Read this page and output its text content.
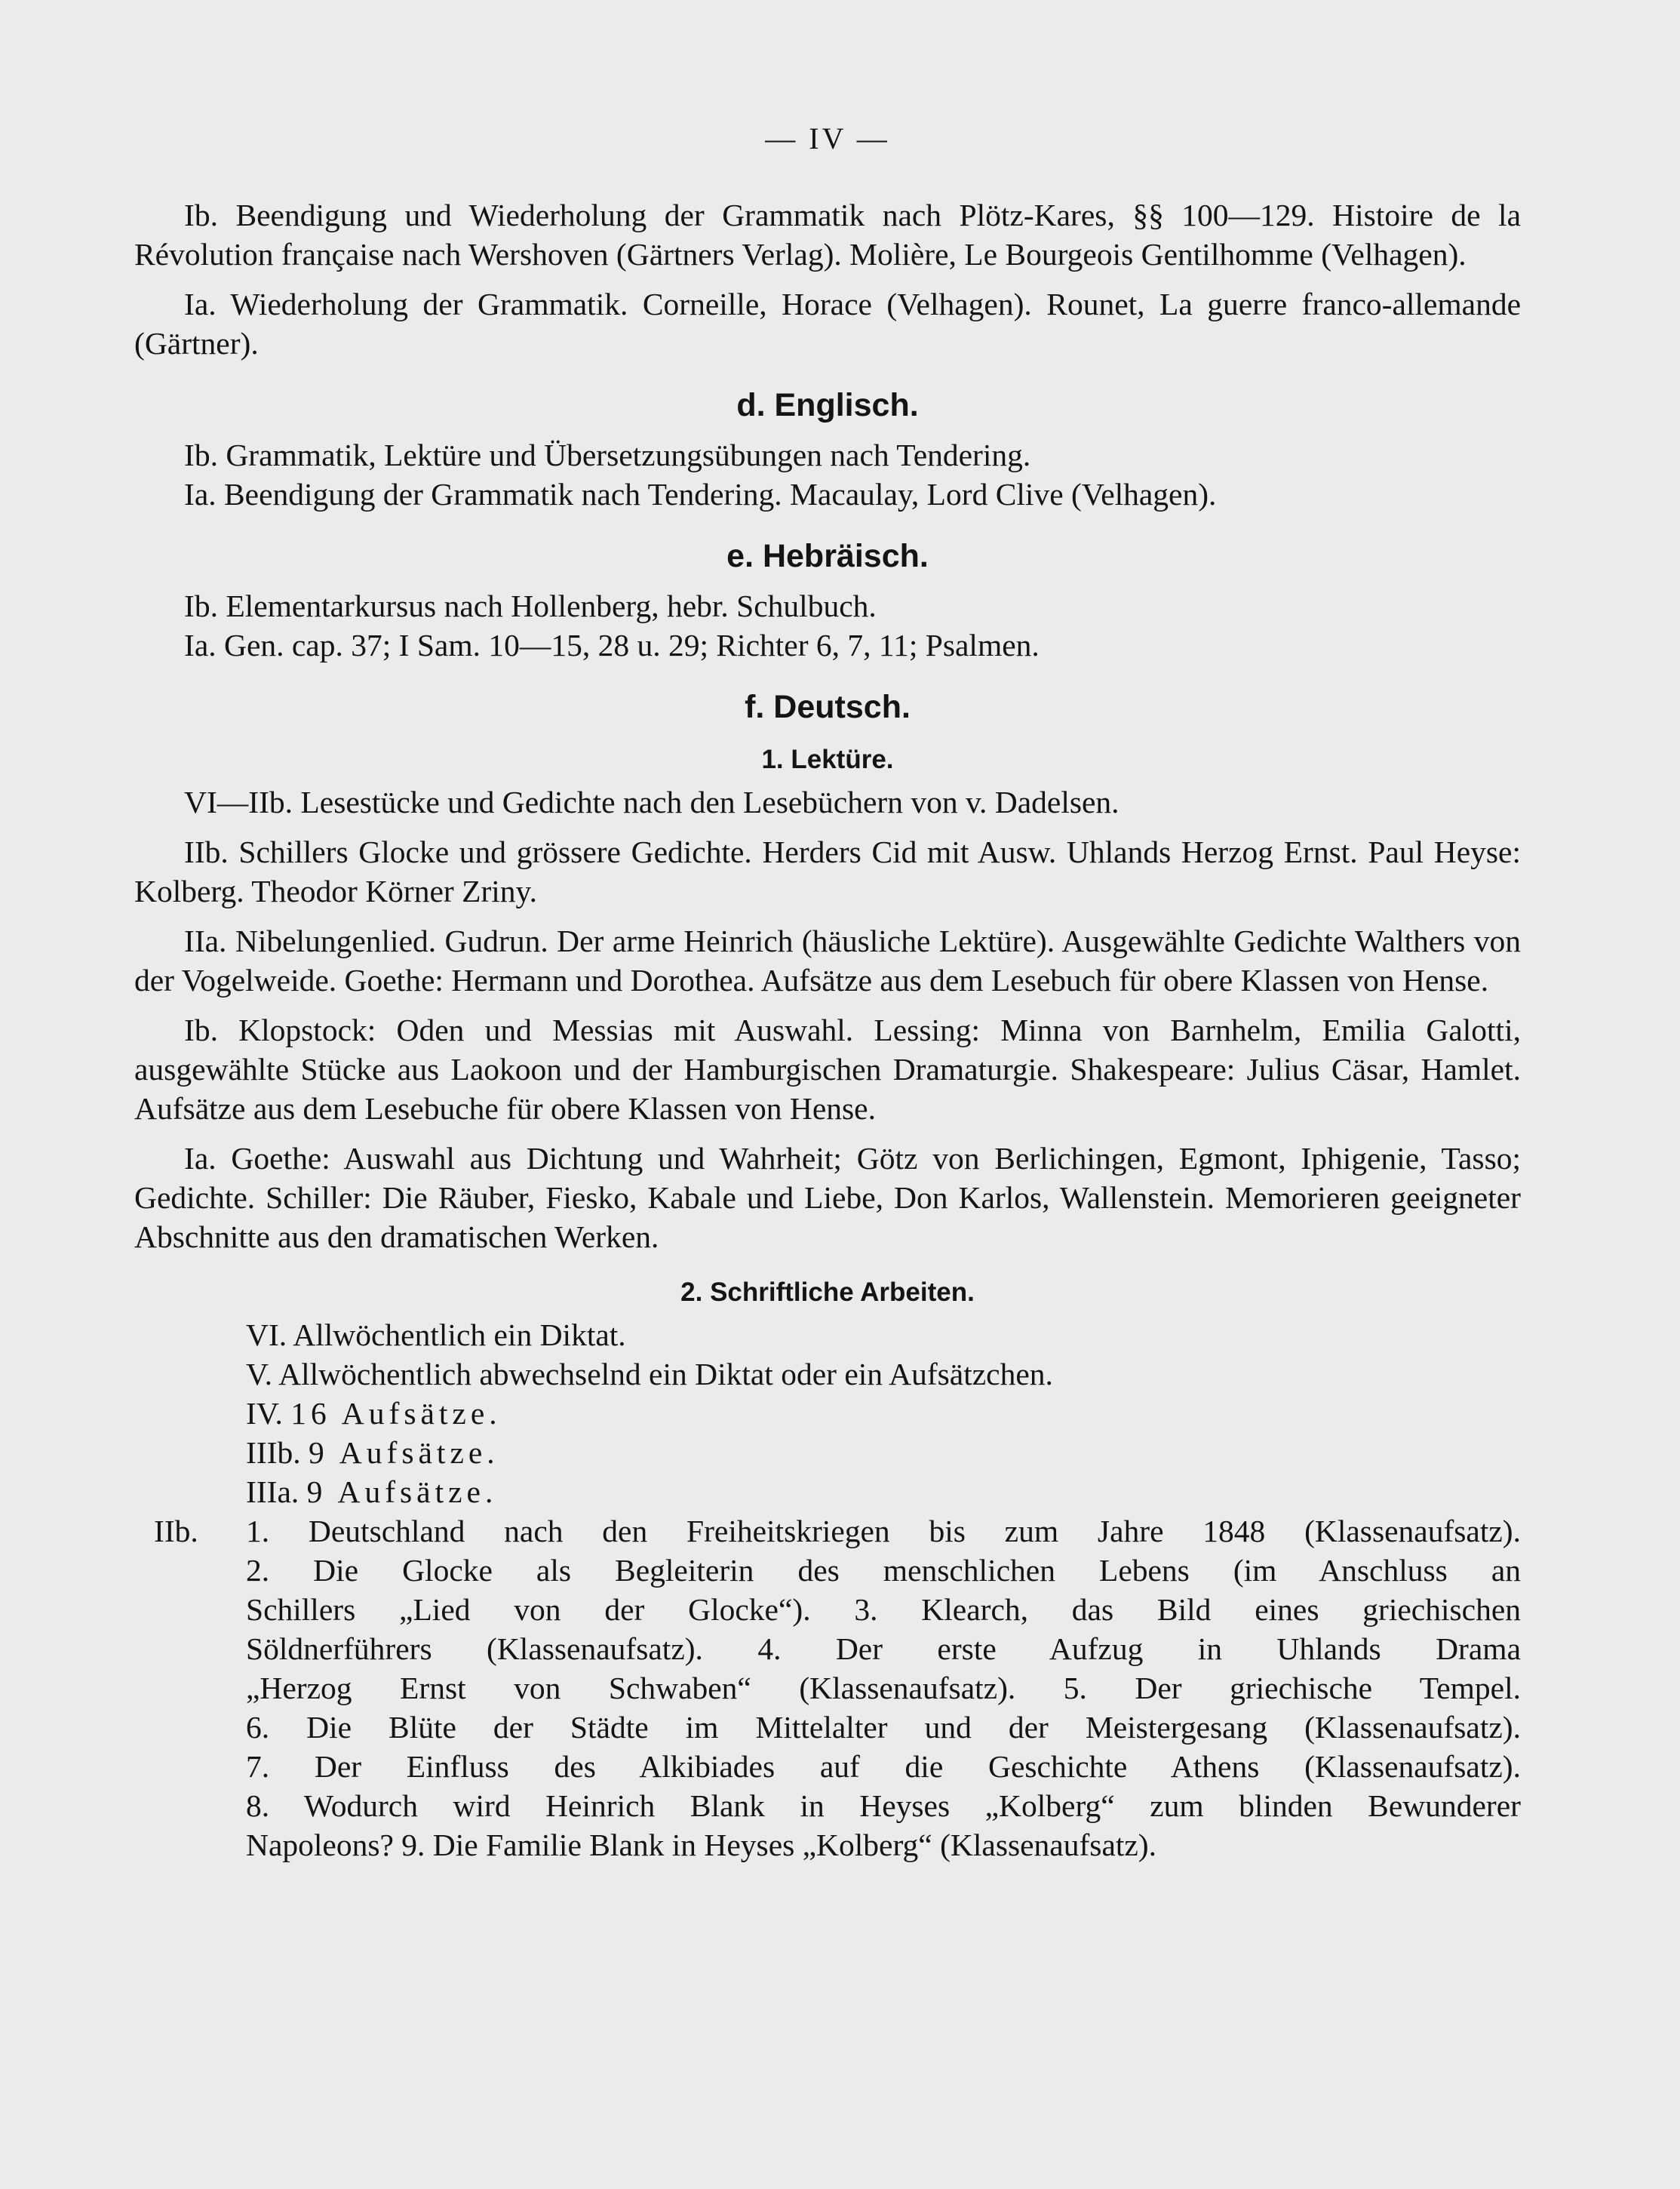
— IV —

Ib. Beendigung und Wiederholung der Grammatik nach Plötz-Kares, §§ 100—129. Histoire de la Révolution française nach Wershoven (Gärtners Verlag). Molière, Le Bourgeois Gentilhomme (Velhagen).

Ia. Wiederholung der Grammatik. Corneille, Horace (Velhagen). Rounet, La guerre franco-allemande (Gärtner).

d. Englisch.

Ib. Grammatik, Lektüre und Übersetzungsübungen nach Tendering.

Ia. Beendigung der Grammatik nach Tendering. Macaulay, Lord Clive (Velhagen).

e. Hebräisch.

Ib. Elementarkursus nach Hollenberg, hebr. Schulbuch.

Ia. Gen. cap. 37; I Sam. 10—15, 28 u. 29; Richter 6, 7, 11; Psalmen.

f. Deutsch.
1. Lektüre.

VI—IIb. Lesestücke und Gedichte nach den Lesebüchern von v. Dadelsen.

IIb. Schillers Glocke und grössere Gedichte. Herders Cid mit Ausw. Uhlands Herzog Ernst. Paul Heyse: Kolberg. Theodor Körner Zriny.

IIa. Nibelungenlied. Gudrun. Der arme Heinrich (häusliche Lektüre). Ausgewählte Gedichte Walthers von der Vogelweide. Goethe: Hermann und Dorothea. Aufsätze aus dem Lesebuch für obere Klassen von Hense.

Ib. Klopstock: Oden und Messias mit Auswahl. Lessing: Minna von Barnhelm, Emilia Galotti, ausgewählte Stücke aus Laokoon und der Hamburgischen Dramaturgie. Shakespeare: Julius Cäsar, Hamlet. Aufsätze aus dem Lesebuche für obere Klassen von Hense.

Ia. Goethe: Auswahl aus Dichtung und Wahrheit; Götz von Berlichingen, Egmont, Iphigenie, Tasso; Gedichte. Schiller: Die Räuber, Fiesko, Kabale und Liebe, Don Karlos, Wallenstein. Memorieren geeigneter Abschnitte aus den dramatischen Werken.

2. Schriftliche Arbeiten.
VI. Allwöchentlich ein Diktat.
V. Allwöchentlich abwechselnd ein Diktat oder ein Aufsätzchen.
IV. 16 Aufsätze.
IIIb. 9 Aufsätze.
IIIa. 9 Aufsätze.
IIb.	1. Deutschland nach den Freiheitskriegen bis zum Jahre 1848 (Klassenaufsatz).
2. Die Glocke als Begleiterin des menschlichen Lebens (im Anschluss an
Schillers „Lied von der Glocke“). 3. Klearch, das Bild eines griechischen
Söldnerführers (Klassenaufsatz). 4. Der erste Aufzug in Uhlands Drama
„Herzog Ernst von Schwaben“ (Klassenaufsatz). 5. Der griechische Tempel.
6. Die Blüte der Städte im Mittelalter und der Meistergesang (Klassenaufsatz).
7. Der Einfluss des Alkibiades auf die Geschichte Athens (Klassenaufsatz).
8. Wodurch wird Heinrich Blank in Heyses „Kolberg“ zum blinden Bewunderer
Napoleons? 9. Die Familie Blank in Heyses „Kolberg“ (Klassenaufsatz).
